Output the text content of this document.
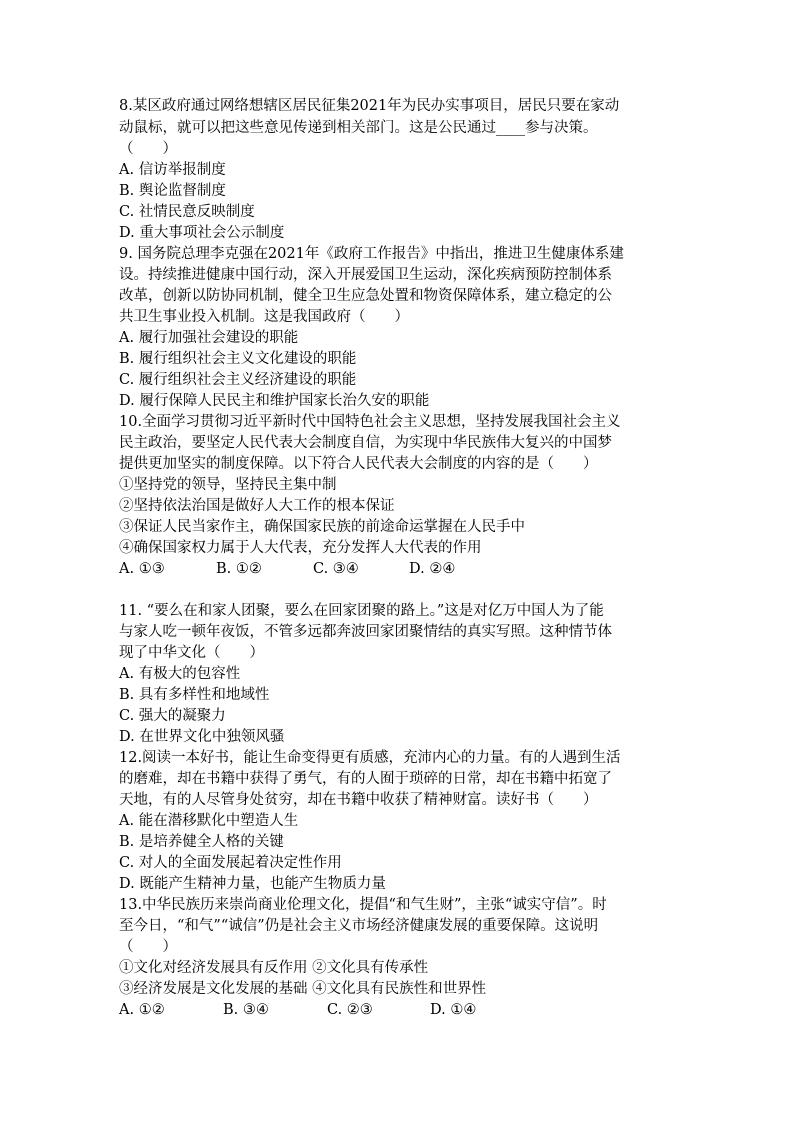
8.某区政府通过网络想辖区居民征集2021年为民办实事项目，居民只要在家动
动鼠标，就可以把这些意见传递到相关部门。这是公民通过____参与决策。
（　　）
A. 信访举报制度
B. 舆论监督制度
C. 社情民意反映制度
D. 重大事项社会公示制度
9. 国务院总理李克强在2021年《政府工作报告》中指出，推进卫生健康体系建
设。持续推进健康中国行动，深入开展爱国卫生运动，深化疾病预防控制体系
改革，创新以防协同机制，健全卫生应急处置和物资保障体系，建立稳定的公
共卫生事业投入机制。这是我国政府（　　）
A. 履行加强社会建设的职能
B. 履行组织社会主义文化建设的职能
C. 履行组织社会主义经济建设的职能
D. 履行保障人民民主和维护国家长治久安的职能
10.全面学习贯彻习近平新时代中国特色社会主义思想，坚持发展我国社会主义
民主政治，要坚定人民代表大会制度自信，为实现中华民族伟大复兴的中国梦
提供更加坚实的制度保障。以下符合人民代表大会制度的内容的是（　　）
①坚持党的领导，坚持民主集中制
②坚持依法治国是做好人大工作的根本保证
③保证人民当家作主，确保国家民族的前途命运掌握在人民手中
④确保国家权力属于人大代表，充分发挥人大代表的作用
A. ①③	B. ①②	C. ③④	D. ②④
11. “要么在和家人团聚，要么在回家团聚的路上。”这是对亿万中国人为了能
与家人吃一顿年夜饭，不管多远都奔波回家团聚情结的真实写照。这种情节体
现了中华文化（　　）
A. 有极大的包容性
B. 具有多样性和地域性
C. 强大的凝聚力
D. 在世界文化中独领风骚
12.阅读一本好书，能让生命变得更有质感，充沛内心的力量。有的人遇到生活
的磨难，却在书籍中获得了勇气，有的人囿于琐碎的日常，却在书籍中拓宽了
天地，有的人尽管身处贫穷，却在书籍中收获了精神财富。读好书（　　）
A. 能在潜移默化中塑造人生
B. 是培养健全人格的关键
C. 对人的全面发展起着决定性作用
D. 既能产生精神力量，也能产生物质力量
13.中华民族历来崇尚商业伦理文化，提倡“和气生财”，主张“诚实守信”。时
至今日，“和气”“诚信”仍是社会主义市场经济健康发展的重要保障。这说明
（　　）
①文化对经济发展具有反作用 ②文化具有传承性
③经济发展是文化发展的基础 ④文化具有民族性和世界性
A. ①②	B. ③④	C. ②③	D. ①④
